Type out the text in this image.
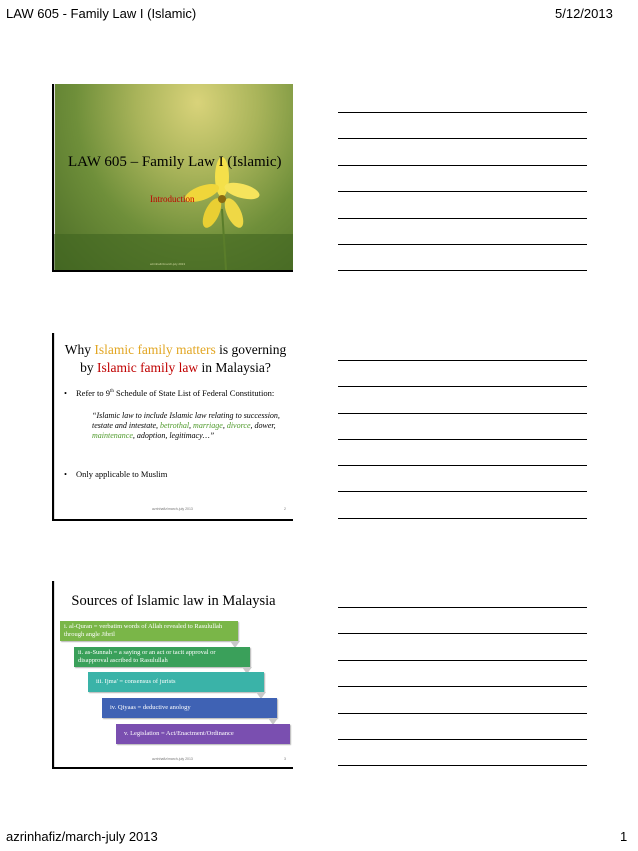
LAW 605 - Family Law I (Islamic)	5/12/2013
LAW 605 – Family Law I (Islamic)
Introduction
azrinhafiz/march-july 2013
Why Islamic family matters is governing by Islamic family law in Malaysia?
• Refer to 9th Schedule of State List of Federal Constitution:
“Islamic law to include Islamic law relating to succession, testate and intestate, betrothal, marriage, divorce, dower, maintenance, adoption, legitimacy…”
• Only applicable to Muslim
azrinhafiz/march-july 2013	2
Sources of Islamic law in Malaysia
i. al-Quran = verbatim words of Allah revealed to Rasulullah through angle Jibril
ii. as-Sunnah = a saying or an act or tacit approval or disapproval ascribed to Rasulullah
iii. Ijma' = consensus of jurists
iv. Qiyaas = deductive anology
v. Legislation = Act/Enactment/Ordinance
azrinhafiz/march-july 2013	3
azrinhafiz/march-july 2013	1
